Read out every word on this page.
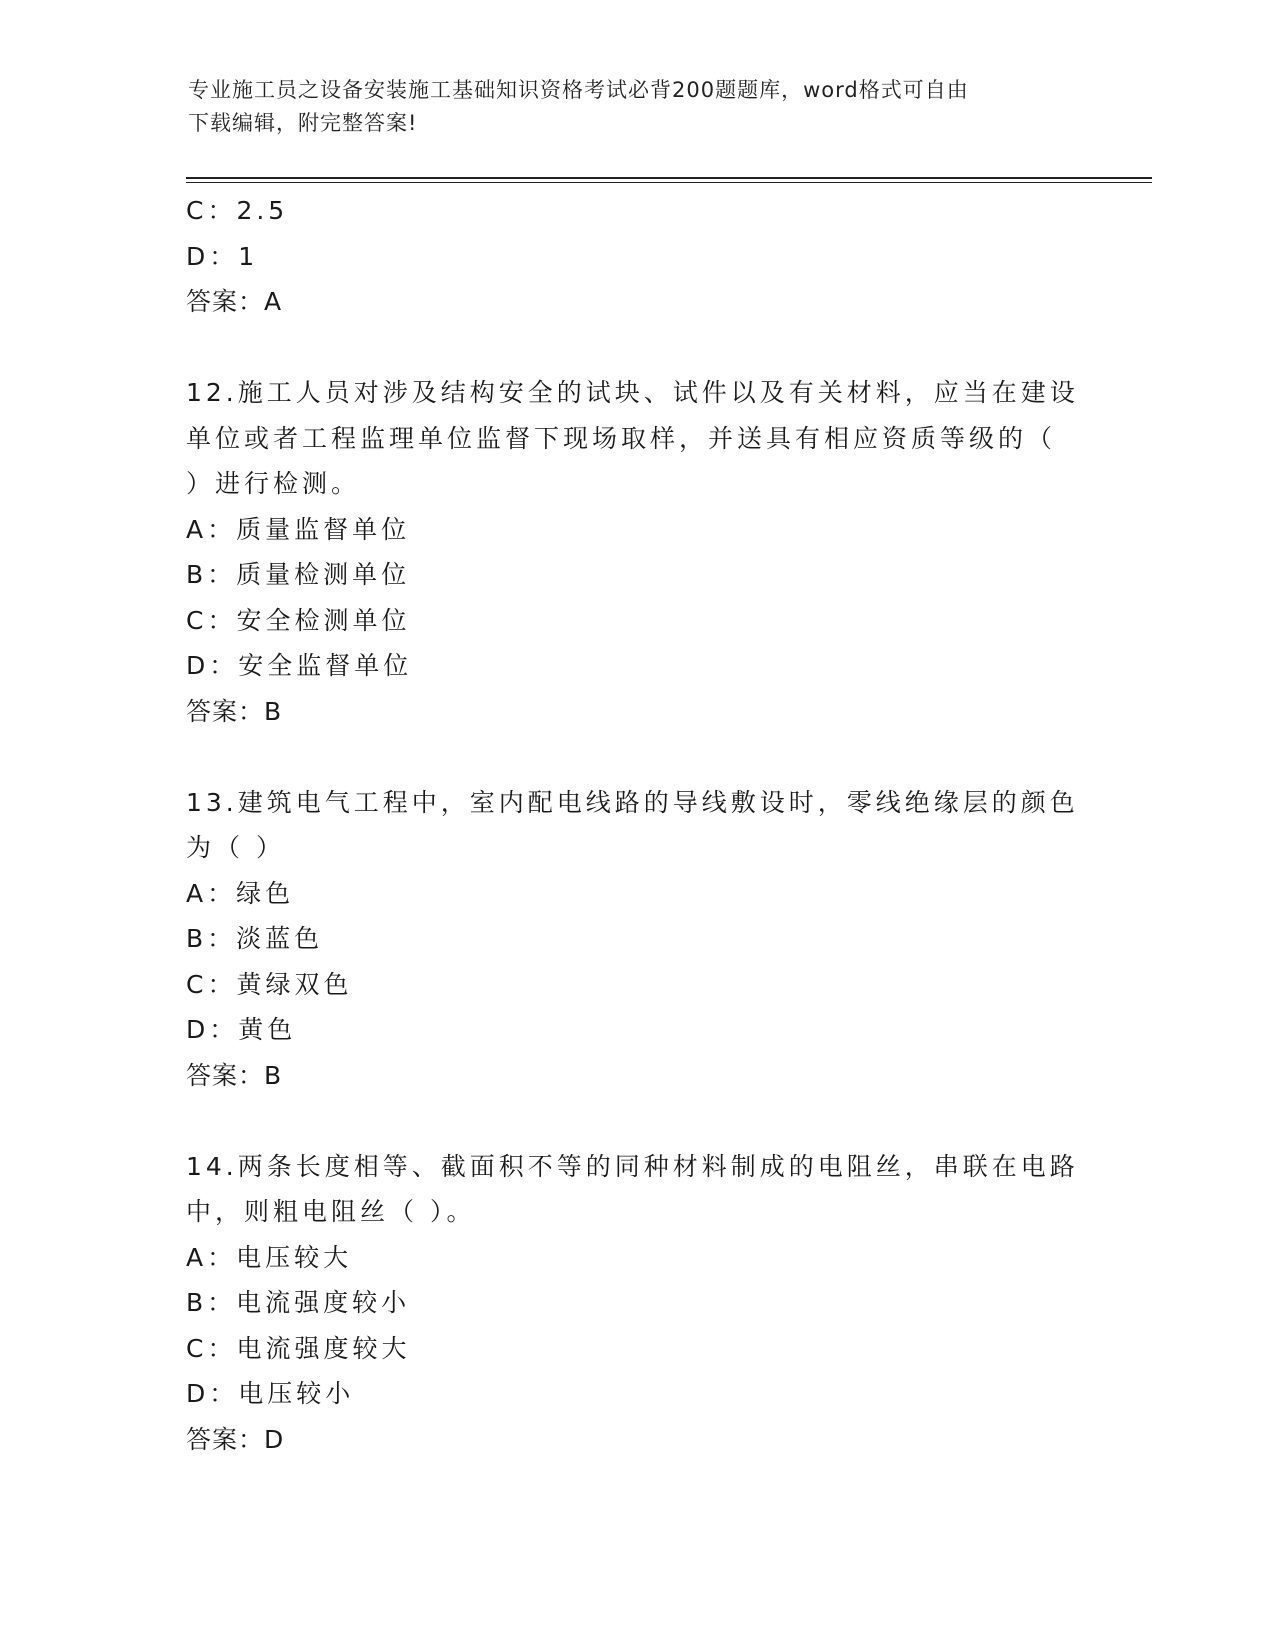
专业施工员之设备安装施工基础知识资格考试必背200题题库，word格式可自由
下载编辑，附完整答案!
C：2.5
D：1
答案：A
12.施工人员对涉及结构安全的试块、试件以及有关材料，应当在建设
单位或者工程监理单位监督下现场取样，并送具有相应资质等级的（
）进行检测。
A：质量监督单位
B：质量检测单位
C：安全检测单位
D：安全监督单位
答案：B
13.建筑电气工程中，室内配电线路的导线敷设时，零线绝缘层的颜色
为（ ）
A：绿色
B：淡蓝色
C：黄绿双色
D：黄色
答案：B
14.两条长度相等、截面积不等的同种材料制成的电阻丝，串联在电路
中，则粗电阻丝（ ）。
A：电压较大
B：电流强度较小
C：电流强度较大
D：电压较小
答案：D
